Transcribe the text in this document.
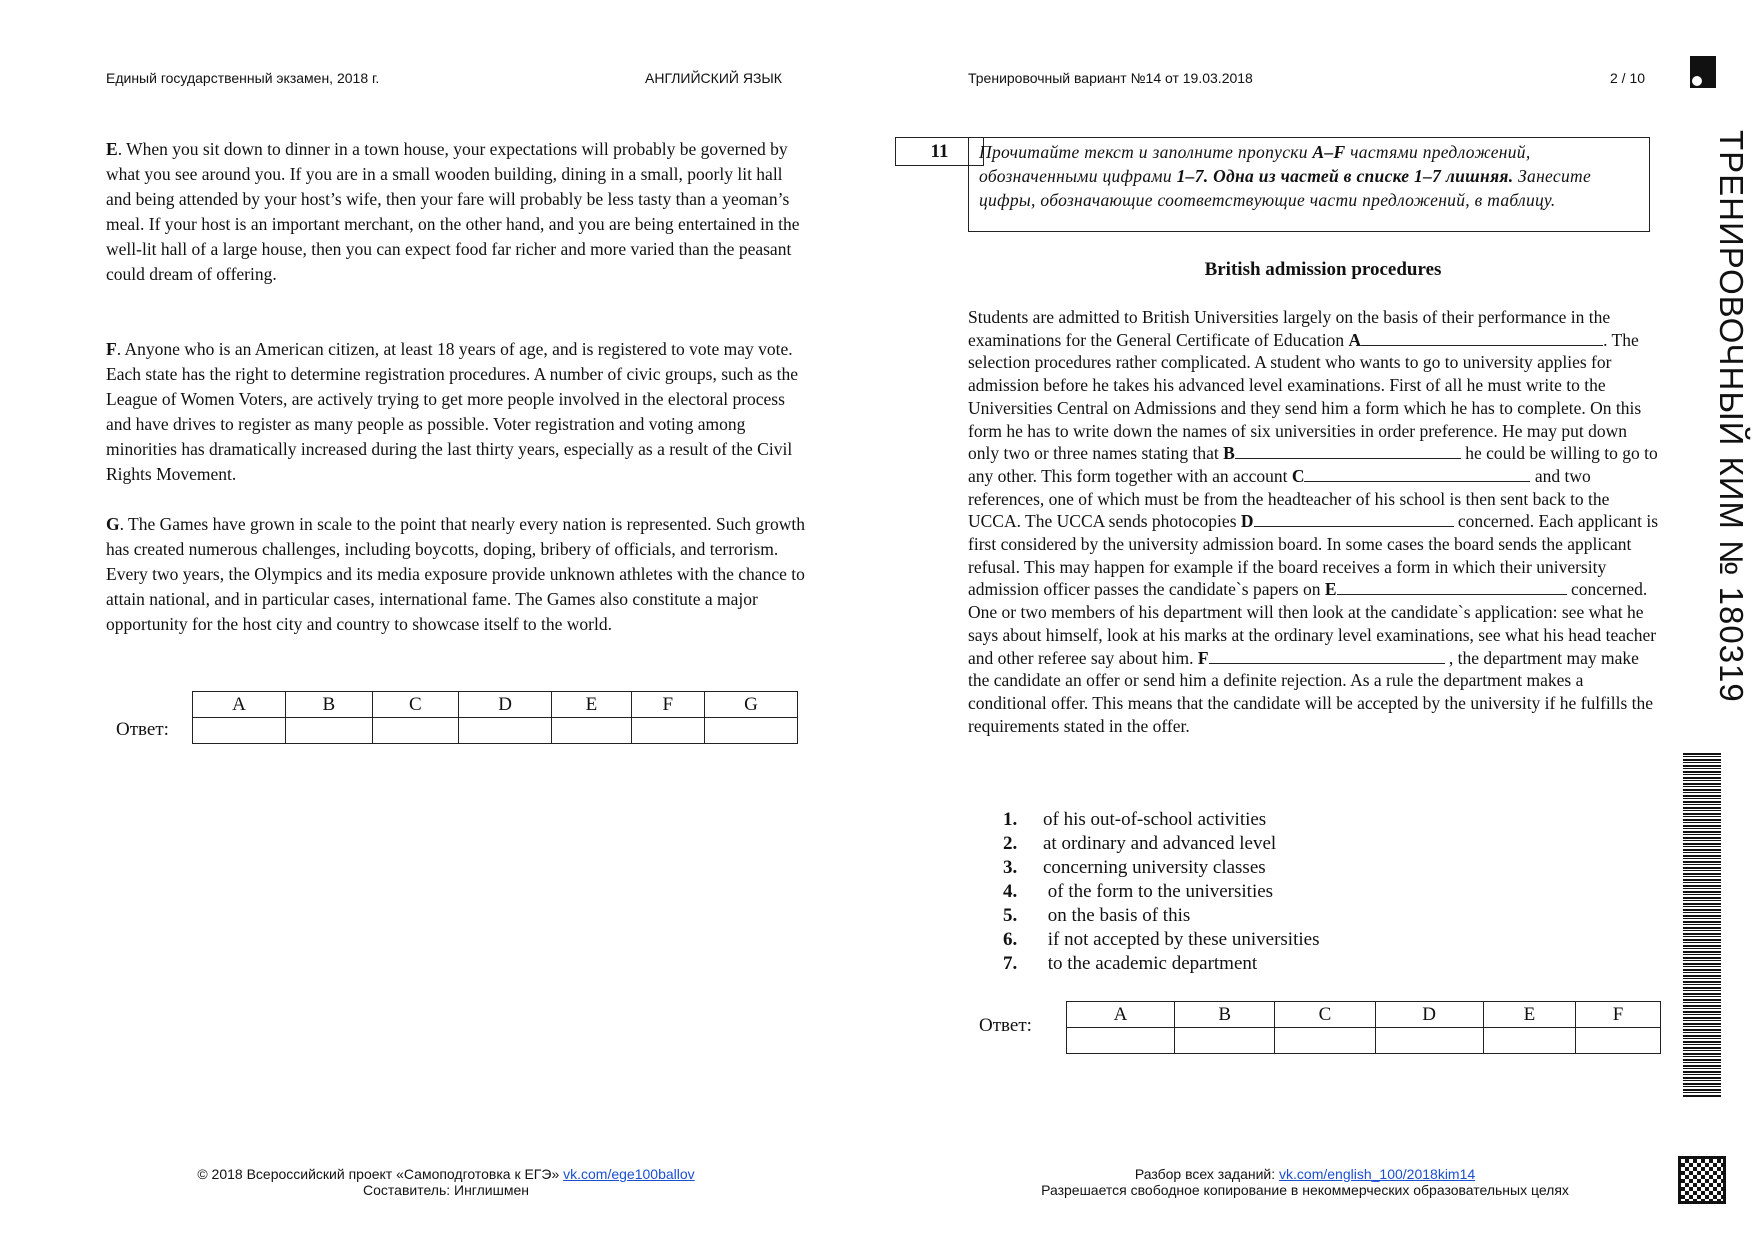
Единый государственный экзамен, 2018 г.	АНГЛИЙСКИЙ ЯЗЫК	Тренировочный вариант №14 от 19.03.2018	2 / 10

E. When you sit down to dinner in a town house, your expectations will probably be governed by what you see around you. If you are in a small wooden building, dining in a small, poorly lit hall and being attended by your host’s wife, then your fare will probably be less tasty than a yeoman’s meal. If your host is an important merchant, on the other hand, and you are being entertained in the well-lit hall of a large house, then you can expect food far richer and more varied than the peasant could dream of offering.

F. Anyone who is an American citizen, at least 18 years of age, and is registered to vote may vote. Each state has the right to determine registration procedures. A number of civic groups, such as the League of Women Voters, are actively trying to get more people involved in the electoral process and have drives to register as many people as possible. Voter registration and voting among minorities has dramatically increased during the last thirty years, especially as a result of the Civil Rights Movement.

G. The Games have grown in scale to the point that nearly every nation is represented. Such growth has created numerous challenges, including boycotts, doping, bribery of officials, and terrorism. Every two years, the Olympics and its media exposure provide unknown athletes with the chance to attain national, and in particular cases, international fame. The Games also constitute a major opportunity for the host city and country to showcase itself to the world.

Ответ:
A	B	C	D	E	F	G

11	Прочитайте текст и заполните пропуски A–F частями предложений, обозначенными цифрами 1–7. Одна из частей в списке 1–7 лишняя. Занесите цифры, обозначающие соответствующие части предложений, в таблицу.
British admission procedures

Students are admitted to British Universities largely on the basis of their performance in the examinations for the General Certificate of Education A	. The selection procedures rather complicated. A student who wants to go to university applies for admission before he takes his advanced level examinations. First of all he must write to the Universities Central on Admissions and they send him a form which he has to complete. On this form he has to write down the names of six universities in order preference. He may put down only two or three names stating that B	he could be willing to go to any other. This form together with an account C	and two references, one of which must be from the headteacher of his school is then sent back to the UCCA. The UCCA sends photocopies D	concerned. Each applicant is first considered by the university admission board. In some cases the board sends the applicant refusal. This may happen for example if the board receives a form in which their university admission officer passes the candidate`s papers on E	concerned. One or two members of his department will then look at the candidate`s application: see what he says about himself, look at his marks at the ordinary level examinations, see what his head teacher and other referee say about him. F	, the department may make the candidate an offer or send him a definite rejection. As a rule the department makes a conditional offer. This means that the candidate will be accepted by the university if he fulfills the requirements stated in the offer.

1. of his out-of-school activities
2. at ordinary and advanced level
3. concerning university classes
4. of the form to the universities
5. on the basis of this
6. if not accepted by these universities
7. to the academic department
Ответ:
A	B	C	D	E	F

ТРЕНИРОВОЧНЫЙ КИМ № 180319
© 2018 Всероссийский проект «Самоподготовка к ЕГЭ» vk.com/ege100ballov
Составитель: Инглишмен
Разбор всех заданий: vk.com/english_100/2018kim14
Разрешается свободное копирование в некоммерческих образовательных целях
